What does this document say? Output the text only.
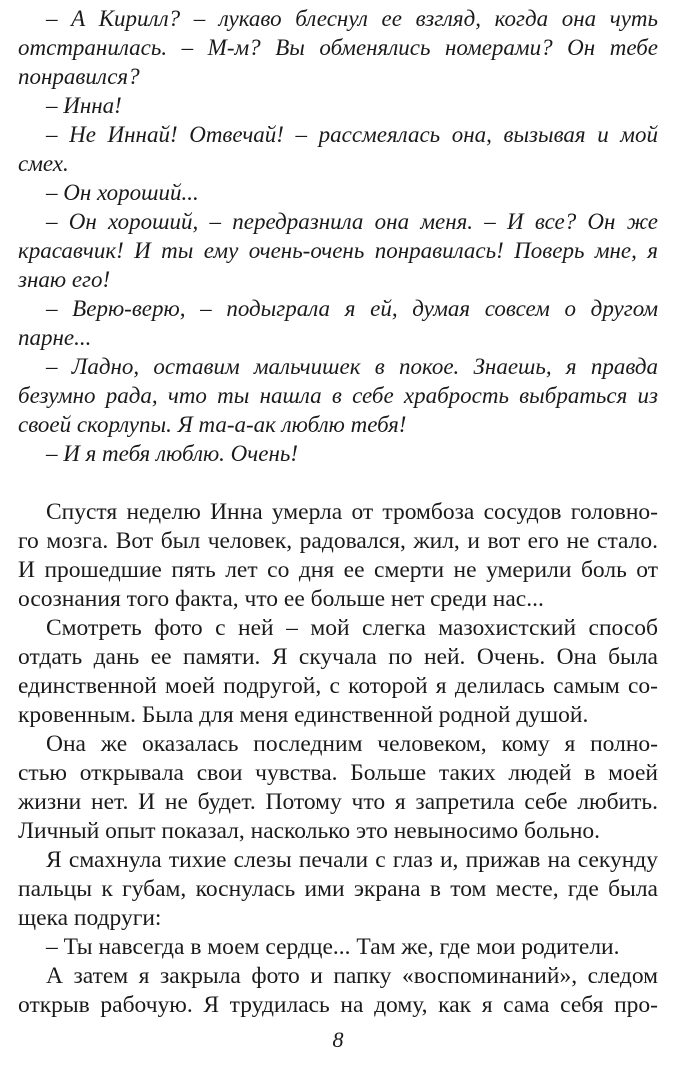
– А Кирилл? – лукаво блеснул ее взгляд, когда она чуть
отстранилась. – М-м? Вы обменялись номерами? Он тебе
понравился?
– Инна!
– Не Иннай! Отвечай! – рассмеялась она, вызывая и мой
смех.
– Он хороший...
– Он хороший, – передразнила она меня. – И все? Он же
красавчик! И ты ему очень-очень понравилась! Поверь мне, я
знаю его!
– Верю-верю, – подыграла я ей, думая совсем о другом
парне...
– Ладно, оставим мальчишек в покое. Знаешь, я правда
безумно рада, что ты нашла в себе храбрость выбраться из
своей скорлупы. Я та-а-ак люблю тебя!
– И я тебя люблю. Очень!
Спустя неделю Инна умерла от тромбоза сосудов головно-
го мозга. Вот был человек, радовался, жил, и вот его не стало.
И прошедшие пять лет со дня ее смерти не умерили боль от
осознания того факта, что ее больше нет среди нас...
Смотреть фото с ней – мой слегка мазохистский способ
отдать дань ее памяти. Я скучала по ней. Очень. Она была
единственной моей подругой, с которой я делилась самым со-
кровенным. Была для меня единственной родной душой.
Она же оказалась последним человеком, кому я полно-
стью открывала свои чувства. Больше таких людей в моей
жизни нет. И не будет. Потому что я запретила себе любить.
Личный опыт показал, насколько это невыносимо больно.
Я смахнула тихие слезы печали с глаз и, прижав на секунду
пальцы к губам, коснулась ими экрана в том месте, где была
щека подруги:
– Ты навсегда в моем сердце... Там же, где мои родители.
А затем я закрыла фото и папку «воспоминаний», следом
открыв рабочую. Я трудилась на дому, как я сама себя про-
8
